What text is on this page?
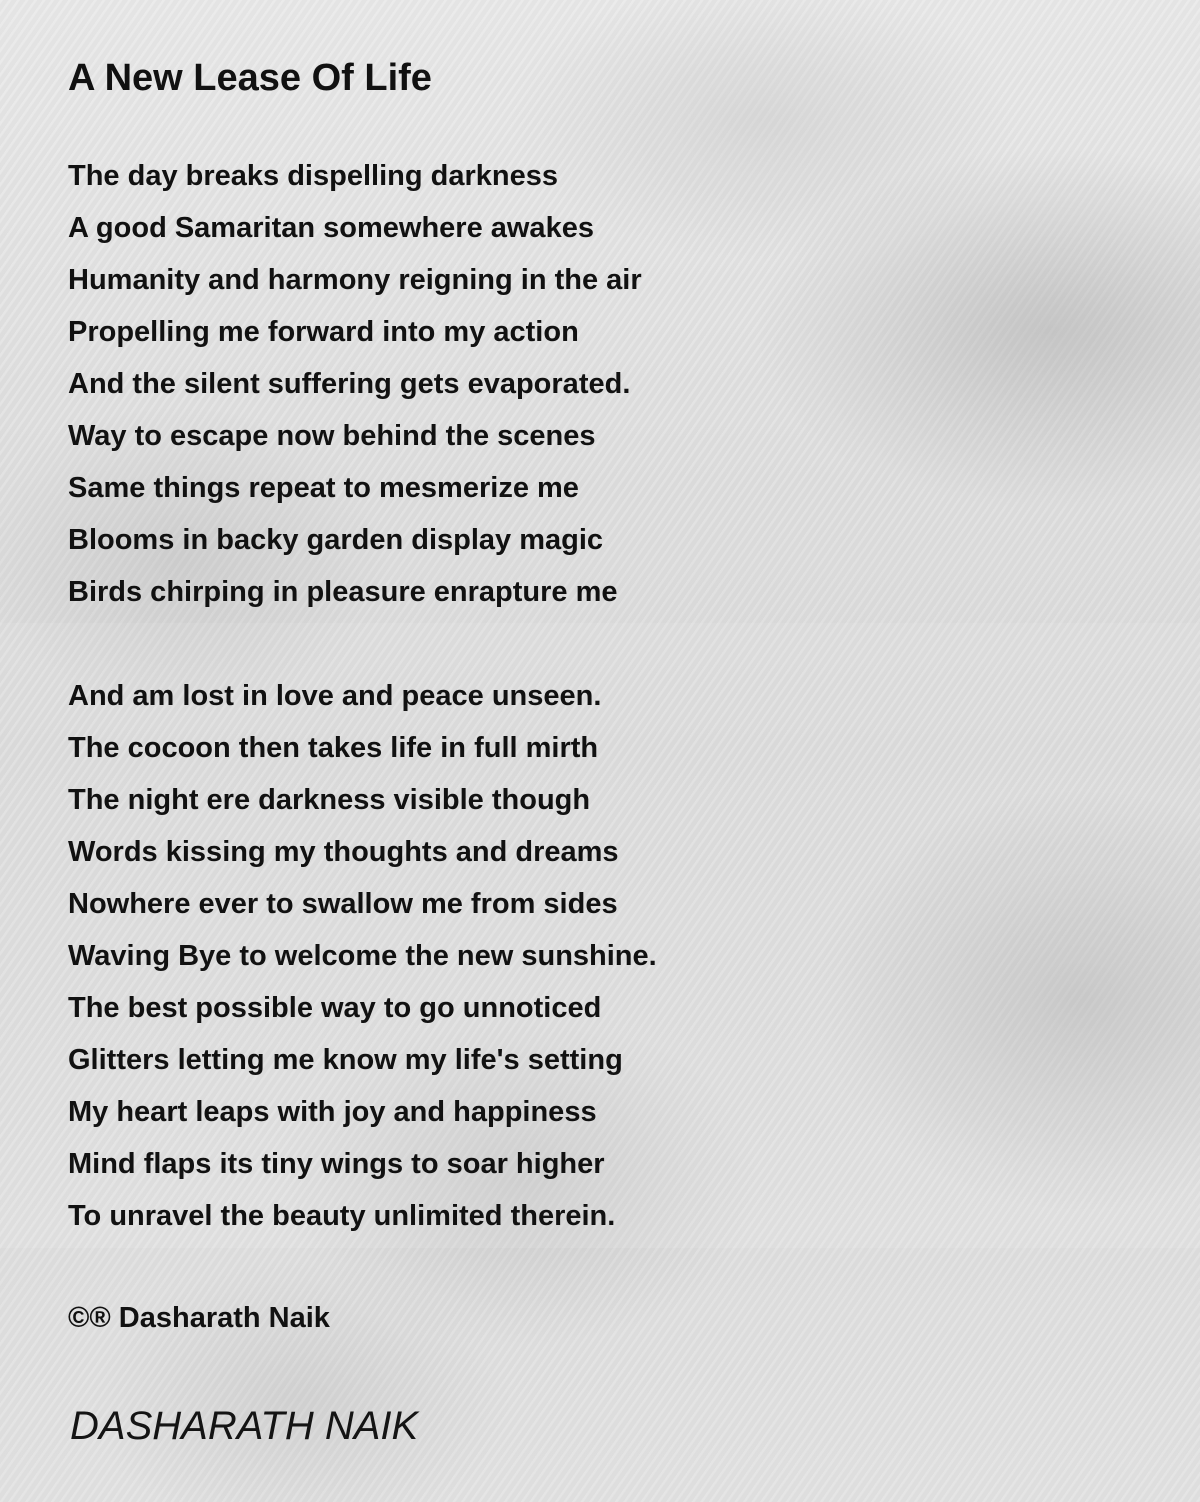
A New Lease Of Life
The day breaks dispelling darkness
A good Samaritan somewhere awakes
Humanity and harmony reigning in the air
Propelling me forward into my action
And the silent suffering gets evaporated.
Way to escape now behind the scenes
Same things repeat to mesmerize me
Blooms in backy garden display magic
Birds chirping in pleasure enrapture me
And am lost in love and peace unseen.
The cocoon then takes life in full mirth
The night ere darkness visible though
Words kissing my thoughts and dreams
Nowhere ever to swallow me from sides
Waving Bye to welcome the new sunshine.
The best possible way to go unnoticed
Glitters letting me know my life's setting
My heart leaps with joy and happiness
Mind flaps its tiny wings to soar higher
To unravel the beauty unlimited therein.
©® Dasharath Naik
DASHARATH NAIK
